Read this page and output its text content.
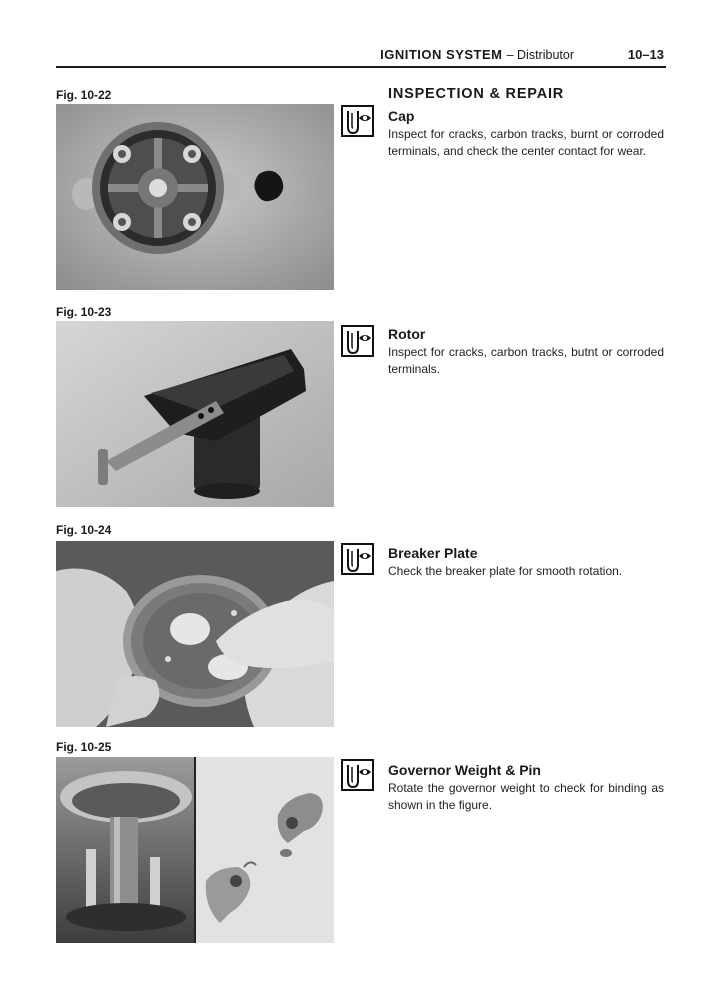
IGNITION SYSTEM – Distributor	10–13
Fig. 10-22
Fig. 10-23
Fig. 10-24
Fig. 10-25
INSPECTION & REPAIR
Cap
Inspect for cracks, carbon tracks, burnt or corroded terminals, and check the center contact for wear.
Rotor
Inspect for cracks, carbon tracks, butnt or corroded terminals.
Breaker Plate
Check the breaker plate for smooth rotation.
Governor Weight & Pin
Rotate the governor weight to check for binding as shown in the figure.
